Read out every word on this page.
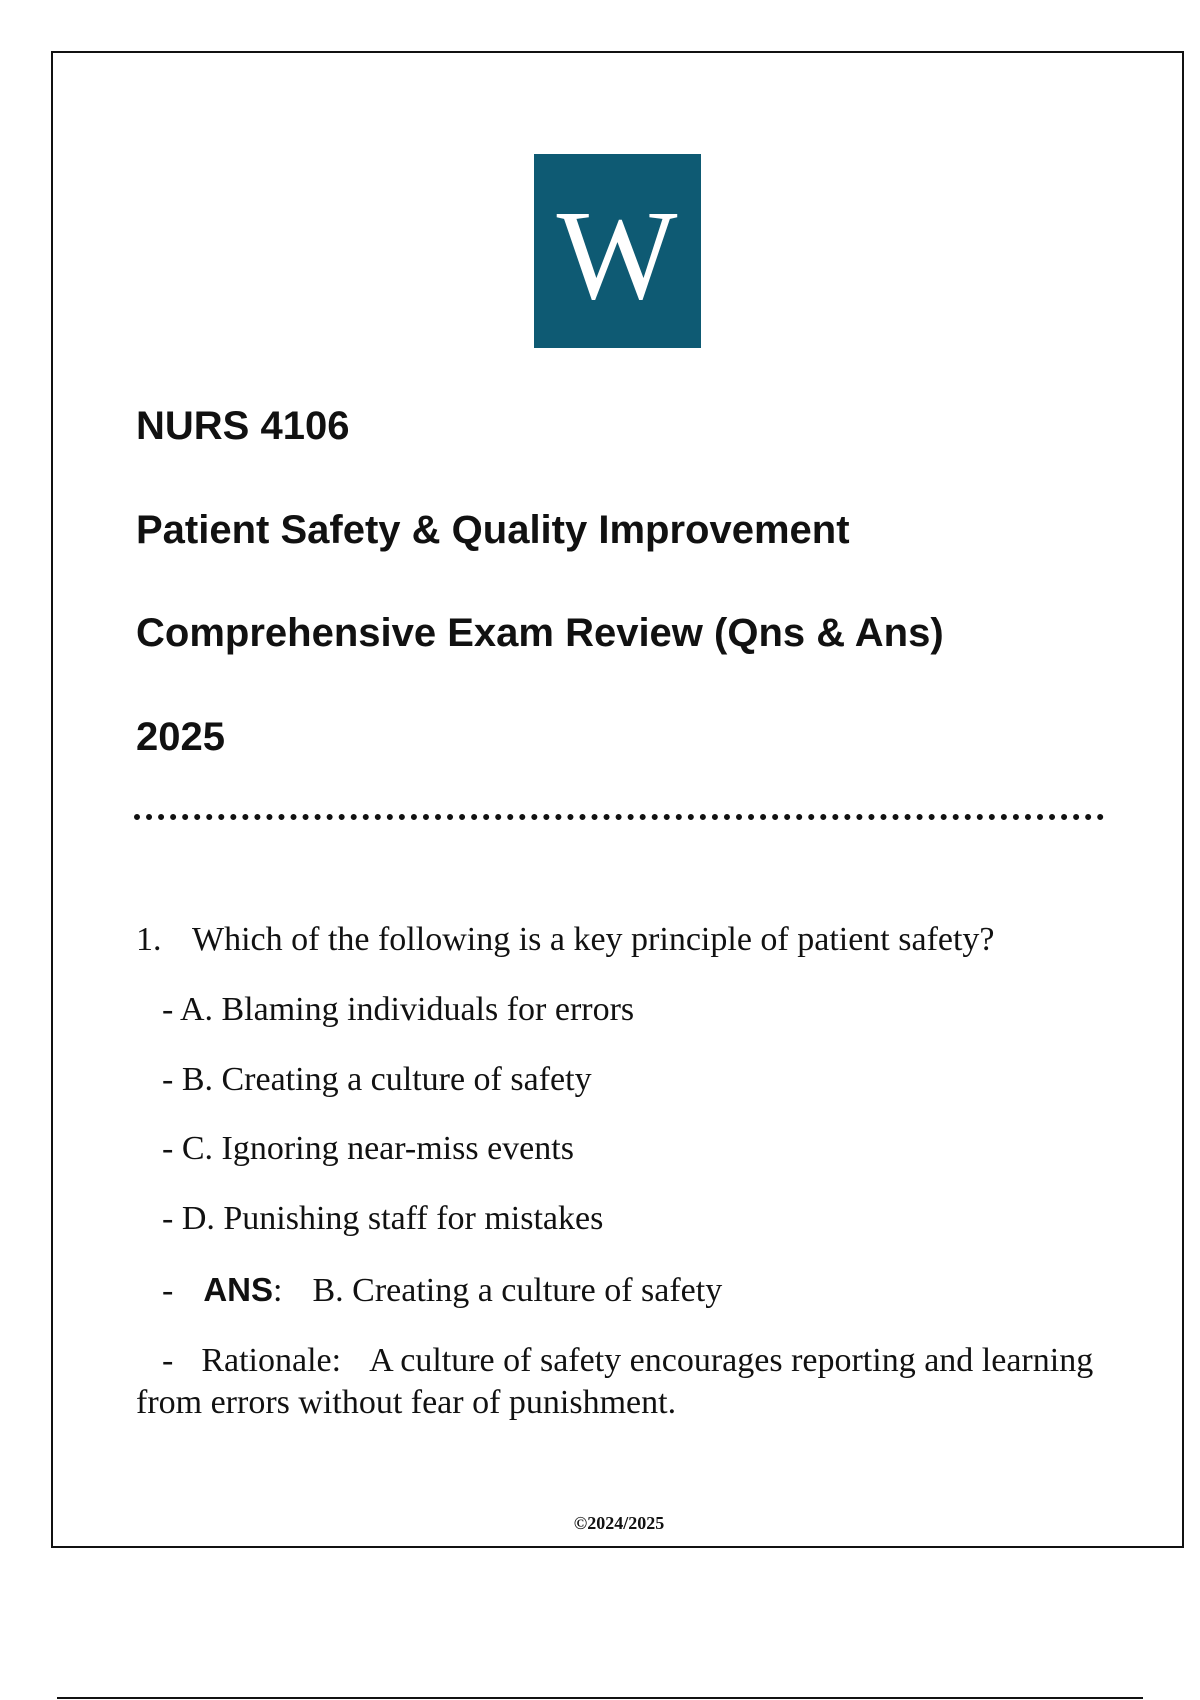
W
NURS 4106
Patient Safety & Quality Improvement
Comprehensive Exam Review (Qns & Ans)
2025
1. Which of the following is a key principle of patient safety?
- A. Blaming individuals for errors
- B. Creating a culture of safety
- C. Ignoring near-miss events
- D. Punishing staff for mistakes
- ANS: B. Creating a culture of safety
- Rationale: A culture of safety encourages reporting and learning from errors without fear of punishment.
©2024/2025
